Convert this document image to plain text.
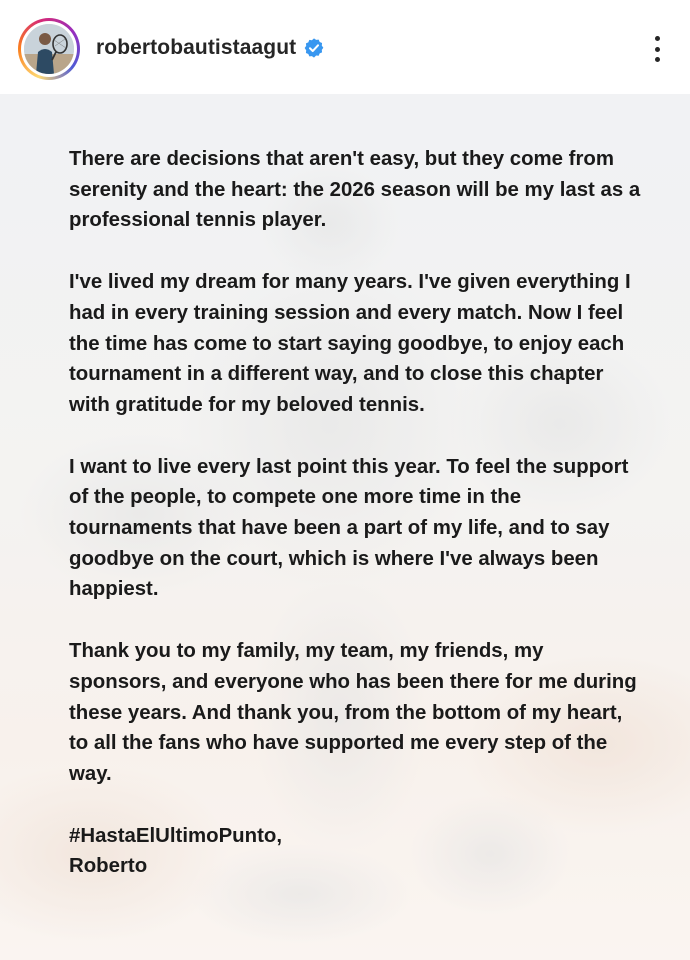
robertobautistaagut

There are decisions that aren't easy, but they come from serenity and the heart: the 2026 season will be my last as a professional tennis player.

I've lived my dream for many years. I've given everything I had in every training session and every match. Now I feel the time has come to start saying goodbye, to enjoy each tournament in a different way, and to close this chapter with gratitude for my beloved tennis.

I want to live every last point this year. To feel the support of the people, to compete one more time in the tournaments that have been a part of my life, and to say goodbye on the court, which is where I've always been happiest.

Thank you to my family, my team, my friends, my sponsors, and everyone who has been there for me during these years. And thank you, from the bottom of my heart, to all the fans who have supported me every step of the way.

#HastaElUltimoPunto,
Roberto
